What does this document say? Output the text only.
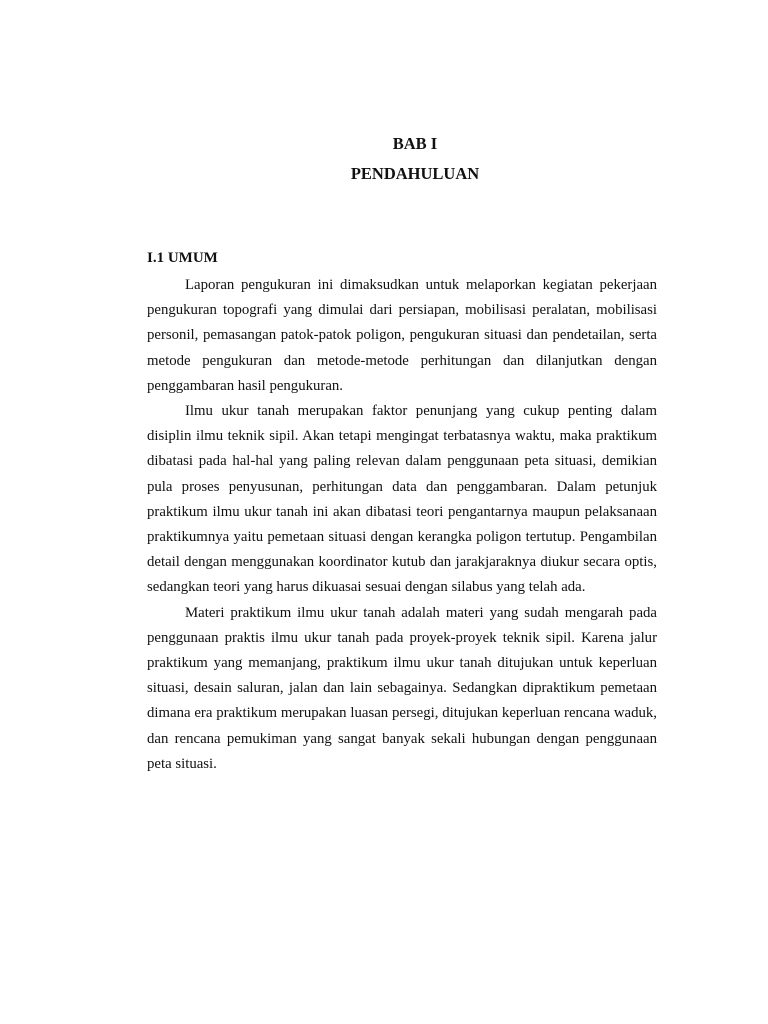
BAB I
PENDAHULUAN
I.1 UMUM

Laporan pengukuran ini dimaksudkan untuk melaporkan kegiatan pekerjaan pengukuran topografi yang dimulai dari persiapan, mobilisasi peralatan, mobilisasi personil, pemasangan patok-patok poligon, pengukuran situasi dan pendetailan, serta metode pengukuran dan metode-metode perhitungan dan dilanjutkan dengan penggambaran hasil pengukuran.

Ilmu ukur tanah merupakan faktor penunjang yang cukup penting dalam disiplin ilmu teknik sipil. Akan tetapi mengingat terbatasnya waktu, maka praktikum dibatasi pada hal-hal yang paling relevan dalam penggunaan peta situasi, demikian pula proses penyusunan, perhitungan data dan penggambaran. Dalam petunjuk praktikum ilmu ukur tanah ini akan dibatasi teori pengantarnya maupun pelaksanaan praktikumnya yaitu pemetaan situasi dengan kerangka poligon tertutup. Pengambilan detail dengan menggunakan koordinator kutub dan jarakjaraknya diukur secara optis, sedangkan teori yang harus dikuasai sesuai dengan silabus yang telah ada.

Materi praktikum ilmu ukur tanah adalah materi yang sudah mengarah pada penggunaan praktis ilmu ukur tanah pada proyek-proyek teknik sipil. Karena jalur praktikum yang memanjang, praktikum ilmu ukur tanah ditujukan untuk keperluan situasi, desain saluran, jalan dan lain sebagainya. Sedangkan dipraktikum pemetaan dimana era praktikum merupakan luasan persegi, ditujukan keperluan rencana waduk, dan rencana pemukiman yang sangat banyak sekali hubungan dengan penggunaan peta situasi.
